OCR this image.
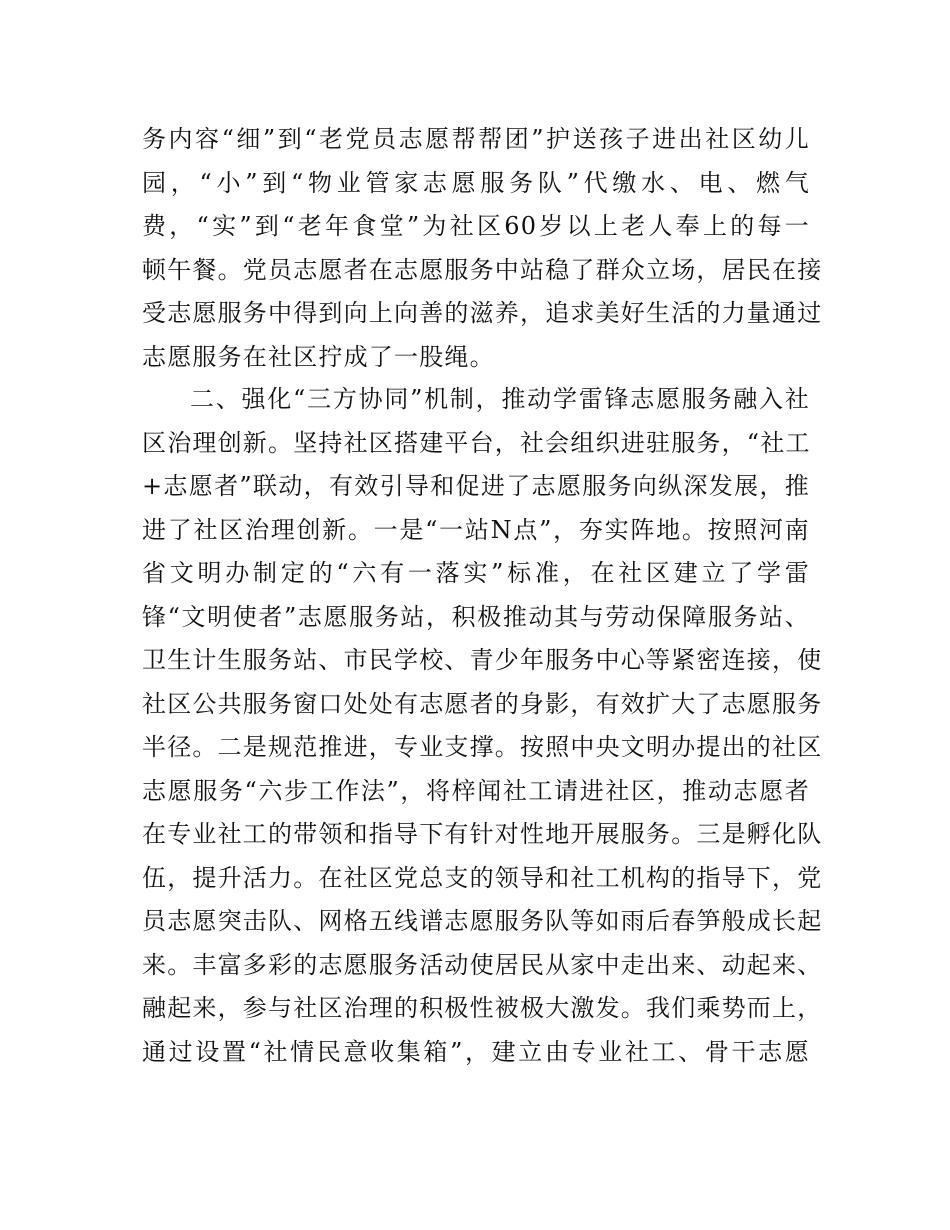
务内容“细”到“老党员志愿帮帮团”护送孩子进出社区幼儿
园，“小”到“物业管家志愿服务队”代缴水、电、燃气
费，“实”到“老年食堂”为社区60岁以上老人奉上的每一
顿午餐。党员志愿者在志愿服务中站稳了群众立场，居民在接
受志愿服务中得到向上向善的滋养，追求美好生活的力量通过
志愿服务在社区拧成了一股绳。
二、强化“三方协同”机制，推动学雷锋志愿服务融入社
区治理创新。坚持社区搭建平台，社会组织进驻服务，“社工
+志愿者”联动，有效引导和促进了志愿服务向纵深发展，推
进了社区治理创新。一是“一站N点”，夯实阵地。按照河南
省文明办制定的“六有一落实”标准，在社区建立了学雷
锋“文明使者”志愿服务站，积极推动其与劳动保障服务站、
卫生计生服务站、市民学校、青少年服务中心等紧密连接，使
社区公共服务窗口处处有志愿者的身影，有效扩大了志愿服务
半径。二是规范推进，专业支撑。按照中央文明办提出的社区
志愿服务“六步工作法”，将梓闻社工请进社区，推动志愿者
在专业社工的带领和指导下有针对性地开展服务。三是孵化队
伍，提升活力。在社区党总支的领导和社工机构的指导下，党
员志愿突击队、网格五线谱志愿服务队等如雨后春笋般成长起
来。丰富多彩的志愿服务活动使居民从家中走出来、动起来、
融起来，参与社区治理的积极性被极大激发。我们乘势而上，
通过设置“社情民意收集箱”，建立由专业社工、骨干志愿
